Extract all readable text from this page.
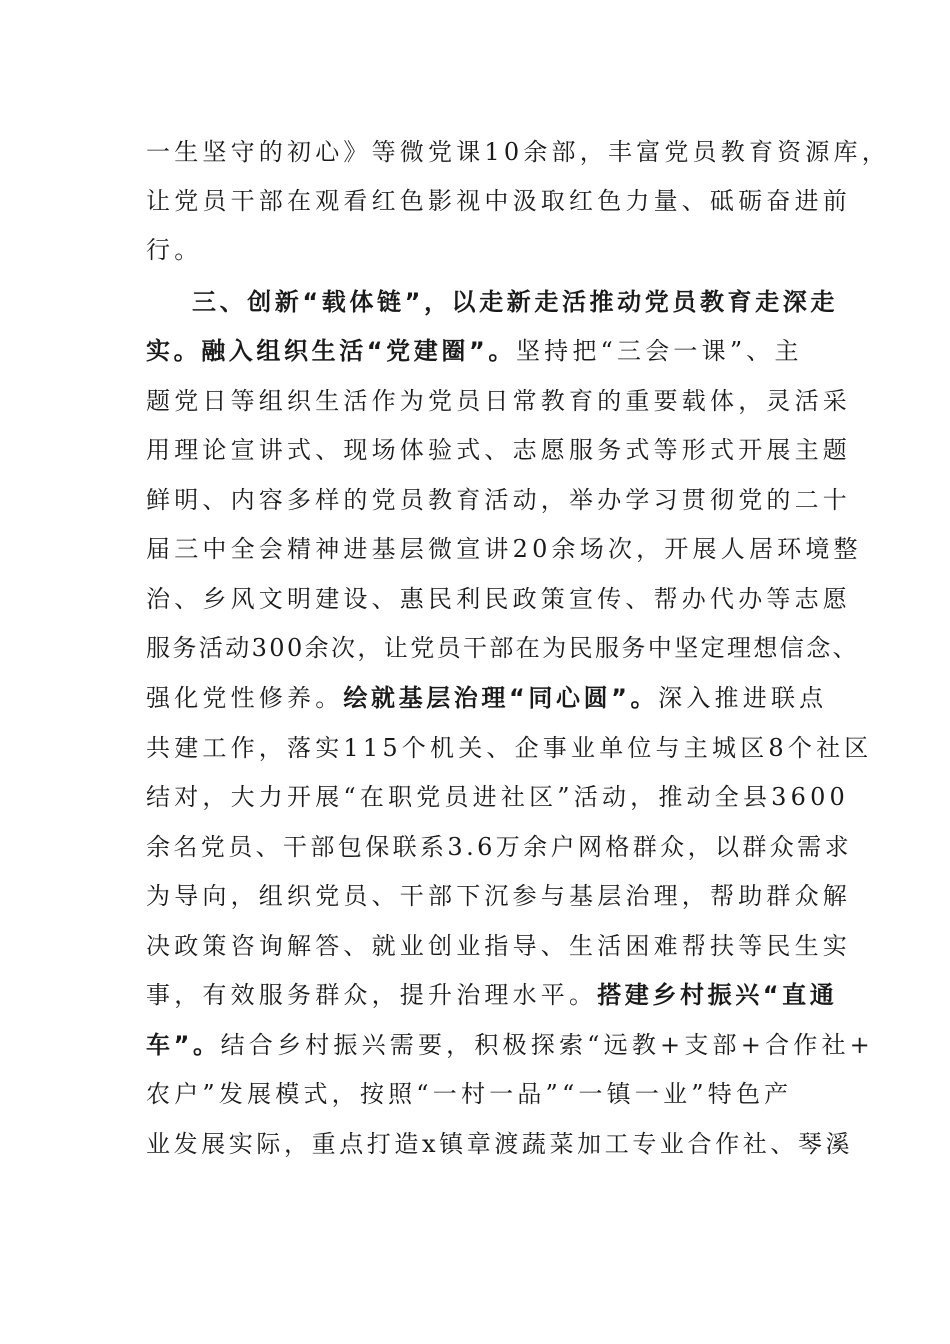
一生坚守的初心》等微党课10余部，丰富党员教育资源库，
让党员干部在观看红色影视中汲取红色力量、砥砺奋进前
行。
三、创新“载体链”，以走新走活推动党员教育走深走
实。融入组织生活“党建圈”。坚持把“三会一课”、主
题党日等组织生活作为党员日常教育的重要载体，灵活采
用理论宣讲式、现场体验式、志愿服务式等形式开展主题
鲜明、内容多样的党员教育活动，举办学习贯彻党的二十
届三中全会精神进基层微宣讲20余场次，开展人居环境整
治、乡风文明建设、惠民利民政策宣传、帮办代办等志愿
服务活动300余次，让党员干部在为民服务中坚定理想信念、
强化党性修养。绘就基层治理“同心圆”。深入推进联点
共建工作，落实115个机关、企事业单位与主城区8个社区
结对，大力开展“在职党员进社区”活动，推动全县3600
余名党员、干部包保联系3.6万余户网格群众，以群众需求
为导向，组织党员、干部下沉参与基层治理，帮助群众解
决政策咨询解答、就业创业指导、生活困难帮扶等民生实
事，有效服务群众，提升治理水平。搭建乡村振兴“直通
车”。结合乡村振兴需要，积极探索“远教+支部+合作社+
农户”发展模式，按照“一村一品”“一镇一业”特色产
业发展实际，重点打造x镇章渡蔬菜加工专业合作社、琴溪
